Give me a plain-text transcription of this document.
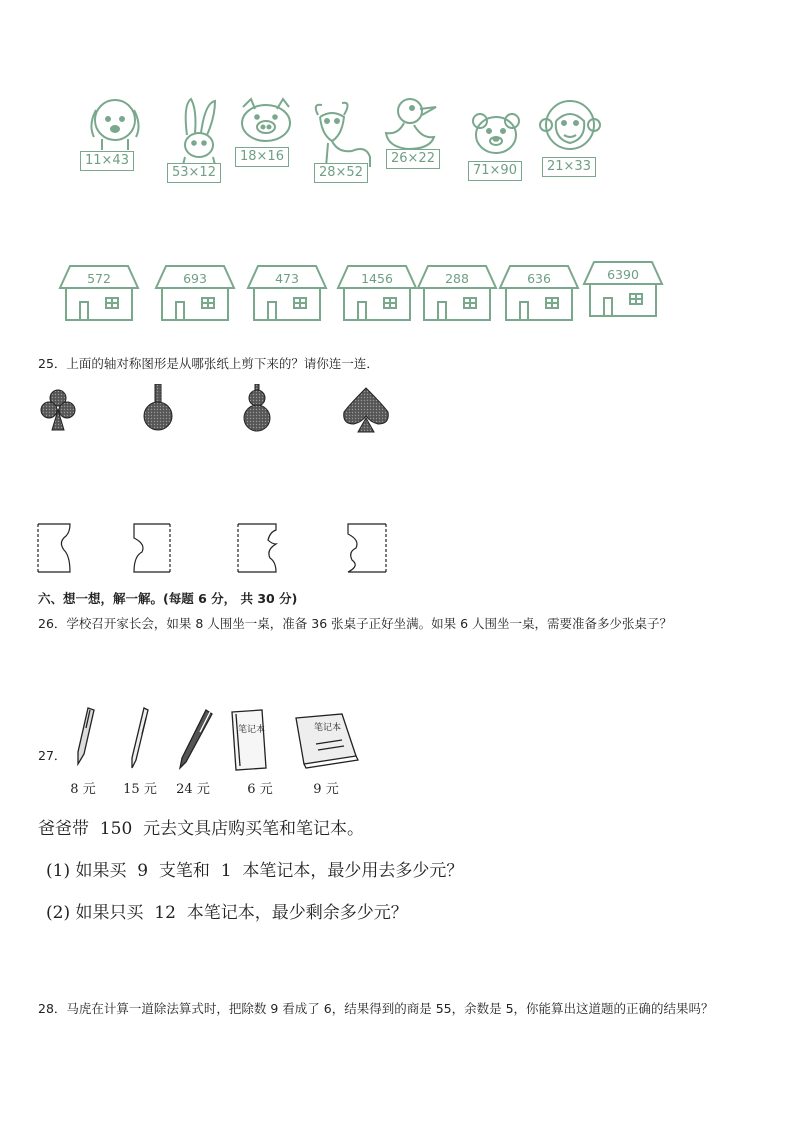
11×43
53×12
18×16
28×52
26×22
71×90	21×33
572	693	473	1456	288	636	6390
25．上面的轴对称图形是从哪张纸上剪下来的？请你连一连．
六、想一想，解一解。(每题 6 分， 共 30 分)
26．学校召开家长会，如果 8 人围坐一桌，准备 36 张桌子正好坐满。如果 6 人围坐一桌，需要准备多少张桌子？
27．
笔记本	笔记本
8 元	15 元	24 元	6 元	9 元
爸爸带  150  元去文具店购买笔和笔记本。
(1) 如果买  9  支笔和  1  本笔记本，最少用去多少元？
(2) 如果只买  12  本笔记本，最少剩余多少元？
28．马虎在计算一道除法算式时，把除数 9 看成了 6，结果得到的商是 55，余数是 5，你能算出这道题的正确的结果吗？
